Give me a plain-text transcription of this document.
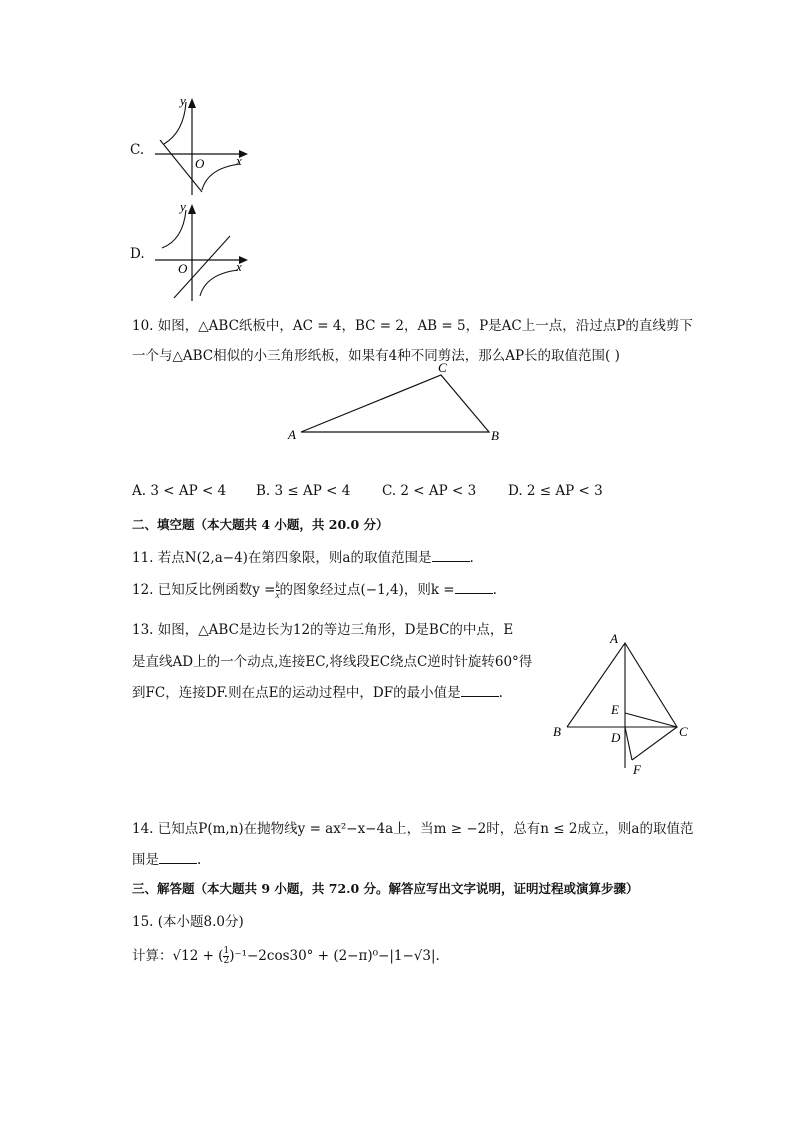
C.
y
x
O
D.
y
x
O
10. 如图，△ABC纸板中，AC = 4，BC = 2，AB = 5，P是AC上一点，沿过点P的直线剪下
一个与△ABC相似的小三角形纸板，如果有4种不同剪法，那么AP长的取值范围( )
A	B
C
A. 3 < AP < 4 B. 3 ≤ AP < 4 C. 2 < AP < 3 D. 2 ≤ AP < 3
二、填空题（本大题共 4 小题，共 20.0 分）
11. 若点N(2,a−4)在第四象限，则a的取值范围是	.
12. 已知反比例函数$y = \frac{k}{x}$ 的图象经过点(−1,4)，则k =	.
13. 如图，△ABC是边长为12的等边三角形，D是BC的中点，E
是直线AD上的一个动点,连接EC,将线段EC绕点C逆时针旋转60°得
到FC，连接DF.则在点E的运动过程中，DF的最小值是	.
A
B	C
D
E
F
14. 已知点P(m,n)在抛物线y = ax²−x−4a上，当m ≥ −2时，总有n ≤ 2成立，则a的取值范
围是	.
三、解答题（本大题共 9 小题，共 72.0 分。解答应写出文字说明，证明过程或演算步骤）
15. (本小题8.0分)
计算：√12 + ( $\frac{1}{2} )^{-1}-2\cos 30^\circ + (2-\pi)^0-|1-√3|$.
